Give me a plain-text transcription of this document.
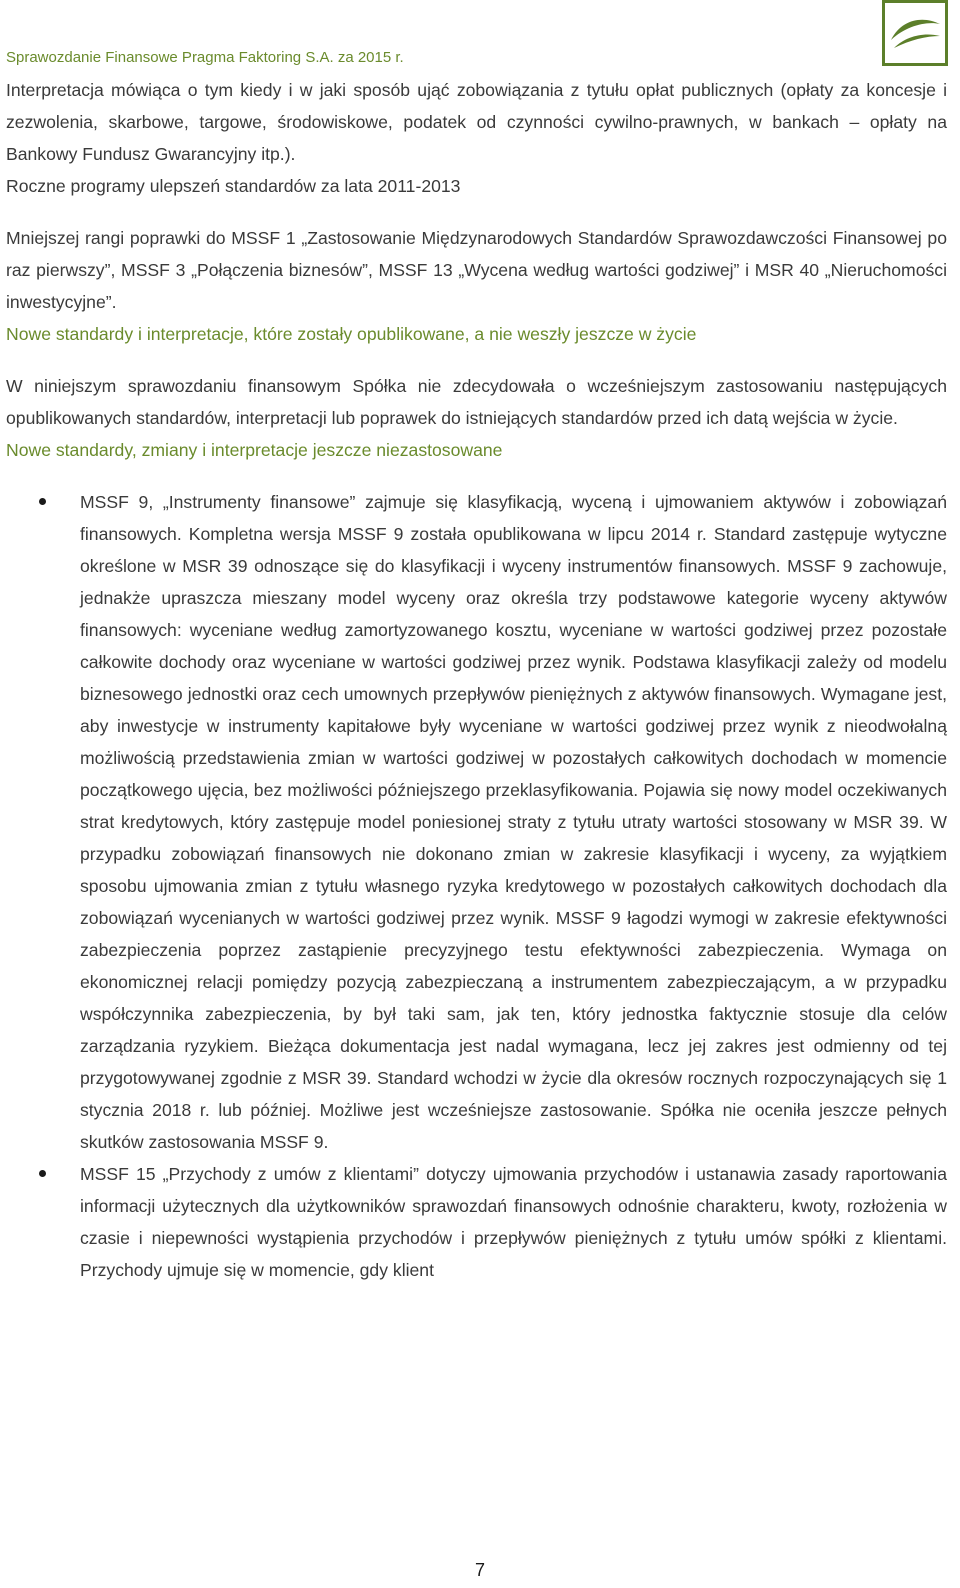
Sprawozdanie Finansowe Pragma Faktoring S.A. za 2015 r.

Interpretacja mówiąca o tym kiedy i w jaki sposób ująć zobowiązania z tytułu opłat publicznych (opłaty za koncesje i zezwolenia, skarbowe, targowe, środowiskowe, podatek od czynności cywilno-prawnych, w bankach – opłaty na Bankowy Fundusz Gwarancyjny itp.).

Roczne programy ulepszeń standardów za lata 2011-2013

Mniejszej rangi poprawki do MSSF 1 „Zastosowanie Międzynarodowych Standardów Sprawozdawczości Finansowej po raz pierwszy”, MSSF 3 „Połączenia biznesów”, MSSF 13 „Wycena według wartości godziwej” i MSR 40 „Nieruchomości inwestycyjne”.

Nowe standardy i interpretacje, które zostały opublikowane, a nie weszły jeszcze w życie

W niniejszym sprawozdaniu finansowym Spółka nie zdecydowała o wcześniejszym zastosowaniu następujących opublikowanych standardów, interpretacji lub poprawek do istniejących standardów przed ich datą wejścia w życie.

Nowe standardy, zmiany i interpretacje jeszcze niezastosowane

MSSF 9, „Instrumenty finansowe” zajmuje się klasyfikacją, wyceną i ujmowaniem aktywów i zobowiązań finansowych. Kompletna wersja MSSF 9 została opublikowana w lipcu 2014 r. Standard zastępuje wytyczne określone w MSR 39 odnoszące się do klasyfikacji i wyceny instrumentów finansowych. MSSF 9 zachowuje, jednakże upraszcza mieszany model wyceny oraz określa trzy podstawowe kategorie wyceny aktywów finansowych: wyceniane według zamortyzowanego kosztu, wyceniane w wartości godziwej przez pozostałe całkowite dochody oraz wyceniane w wartości godziwej przez wynik. Podstawa klasyfikacji zależy od modelu biznesowego jednostki oraz cech umownych przepływów pieniężnych z aktywów finansowych. Wymagane jest, aby inwestycje w instrumenty kapitałowe były wyceniane w wartości godziwej przez wynik z nieodwołalną możliwością przedstawienia zmian w wartości godziwej w pozostałych całkowitych dochodach w momencie początkowego ujęcia, bez możliwości późniejszego przeklasyfikowania. Pojawia się nowy model oczekiwanych strat kredytowych, który zastępuje model poniesionej straty z tytułu utraty wartości stosowany w MSR 39. W przypadku zobowiązań finansowych nie dokonano zmian w zakresie klasyfikacji i wyceny, za wyjątkiem sposobu ujmowania zmian z tytułu własnego ryzyka kredytowego w pozostałych całkowitych dochodach dla zobowiązań wycenianych w wartości godziwej przez wynik. MSSF 9 łagodzi wymogi w zakresie efektywności zabezpieczenia poprzez zastąpienie precyzyjnego testu efektywności zabezpieczenia. Wymaga on ekonomicznej relacji pomiędzy pozycją zabezpieczaną a instrumentem zabezpieczającym, a w przypadku współczynnika zabezpieczenia, by był taki sam, jak ten, który jednostka faktycznie stosuje dla celów zarządzania ryzykiem. Bieżąca dokumentacja jest nadal wymagana, lecz jej zakres jest odmienny od tej przygotowywanej zgodnie z MSR 39. Standard wchodzi w życie dla okresów rocznych rozpoczynających się 1 stycznia 2018 r. lub później. Możliwe jest wcześniejsze zastosowanie. Spółka nie oceniła jeszcze pełnych skutków zastosowania MSSF 9.

MSSF 15 „Przychody z umów z klientami” dotyczy ujmowania przychodów i ustanawia zasady raportowania informacji użytecznych dla użytkowników sprawozdań finansowych odnośnie charakteru, kwoty, rozłożenia w czasie i niepewności wystąpienia przychodów i przepływów pieniężnych z tytułu umów spółki z klientami. Przychody ujmuje się w momencie, gdy klient

7
